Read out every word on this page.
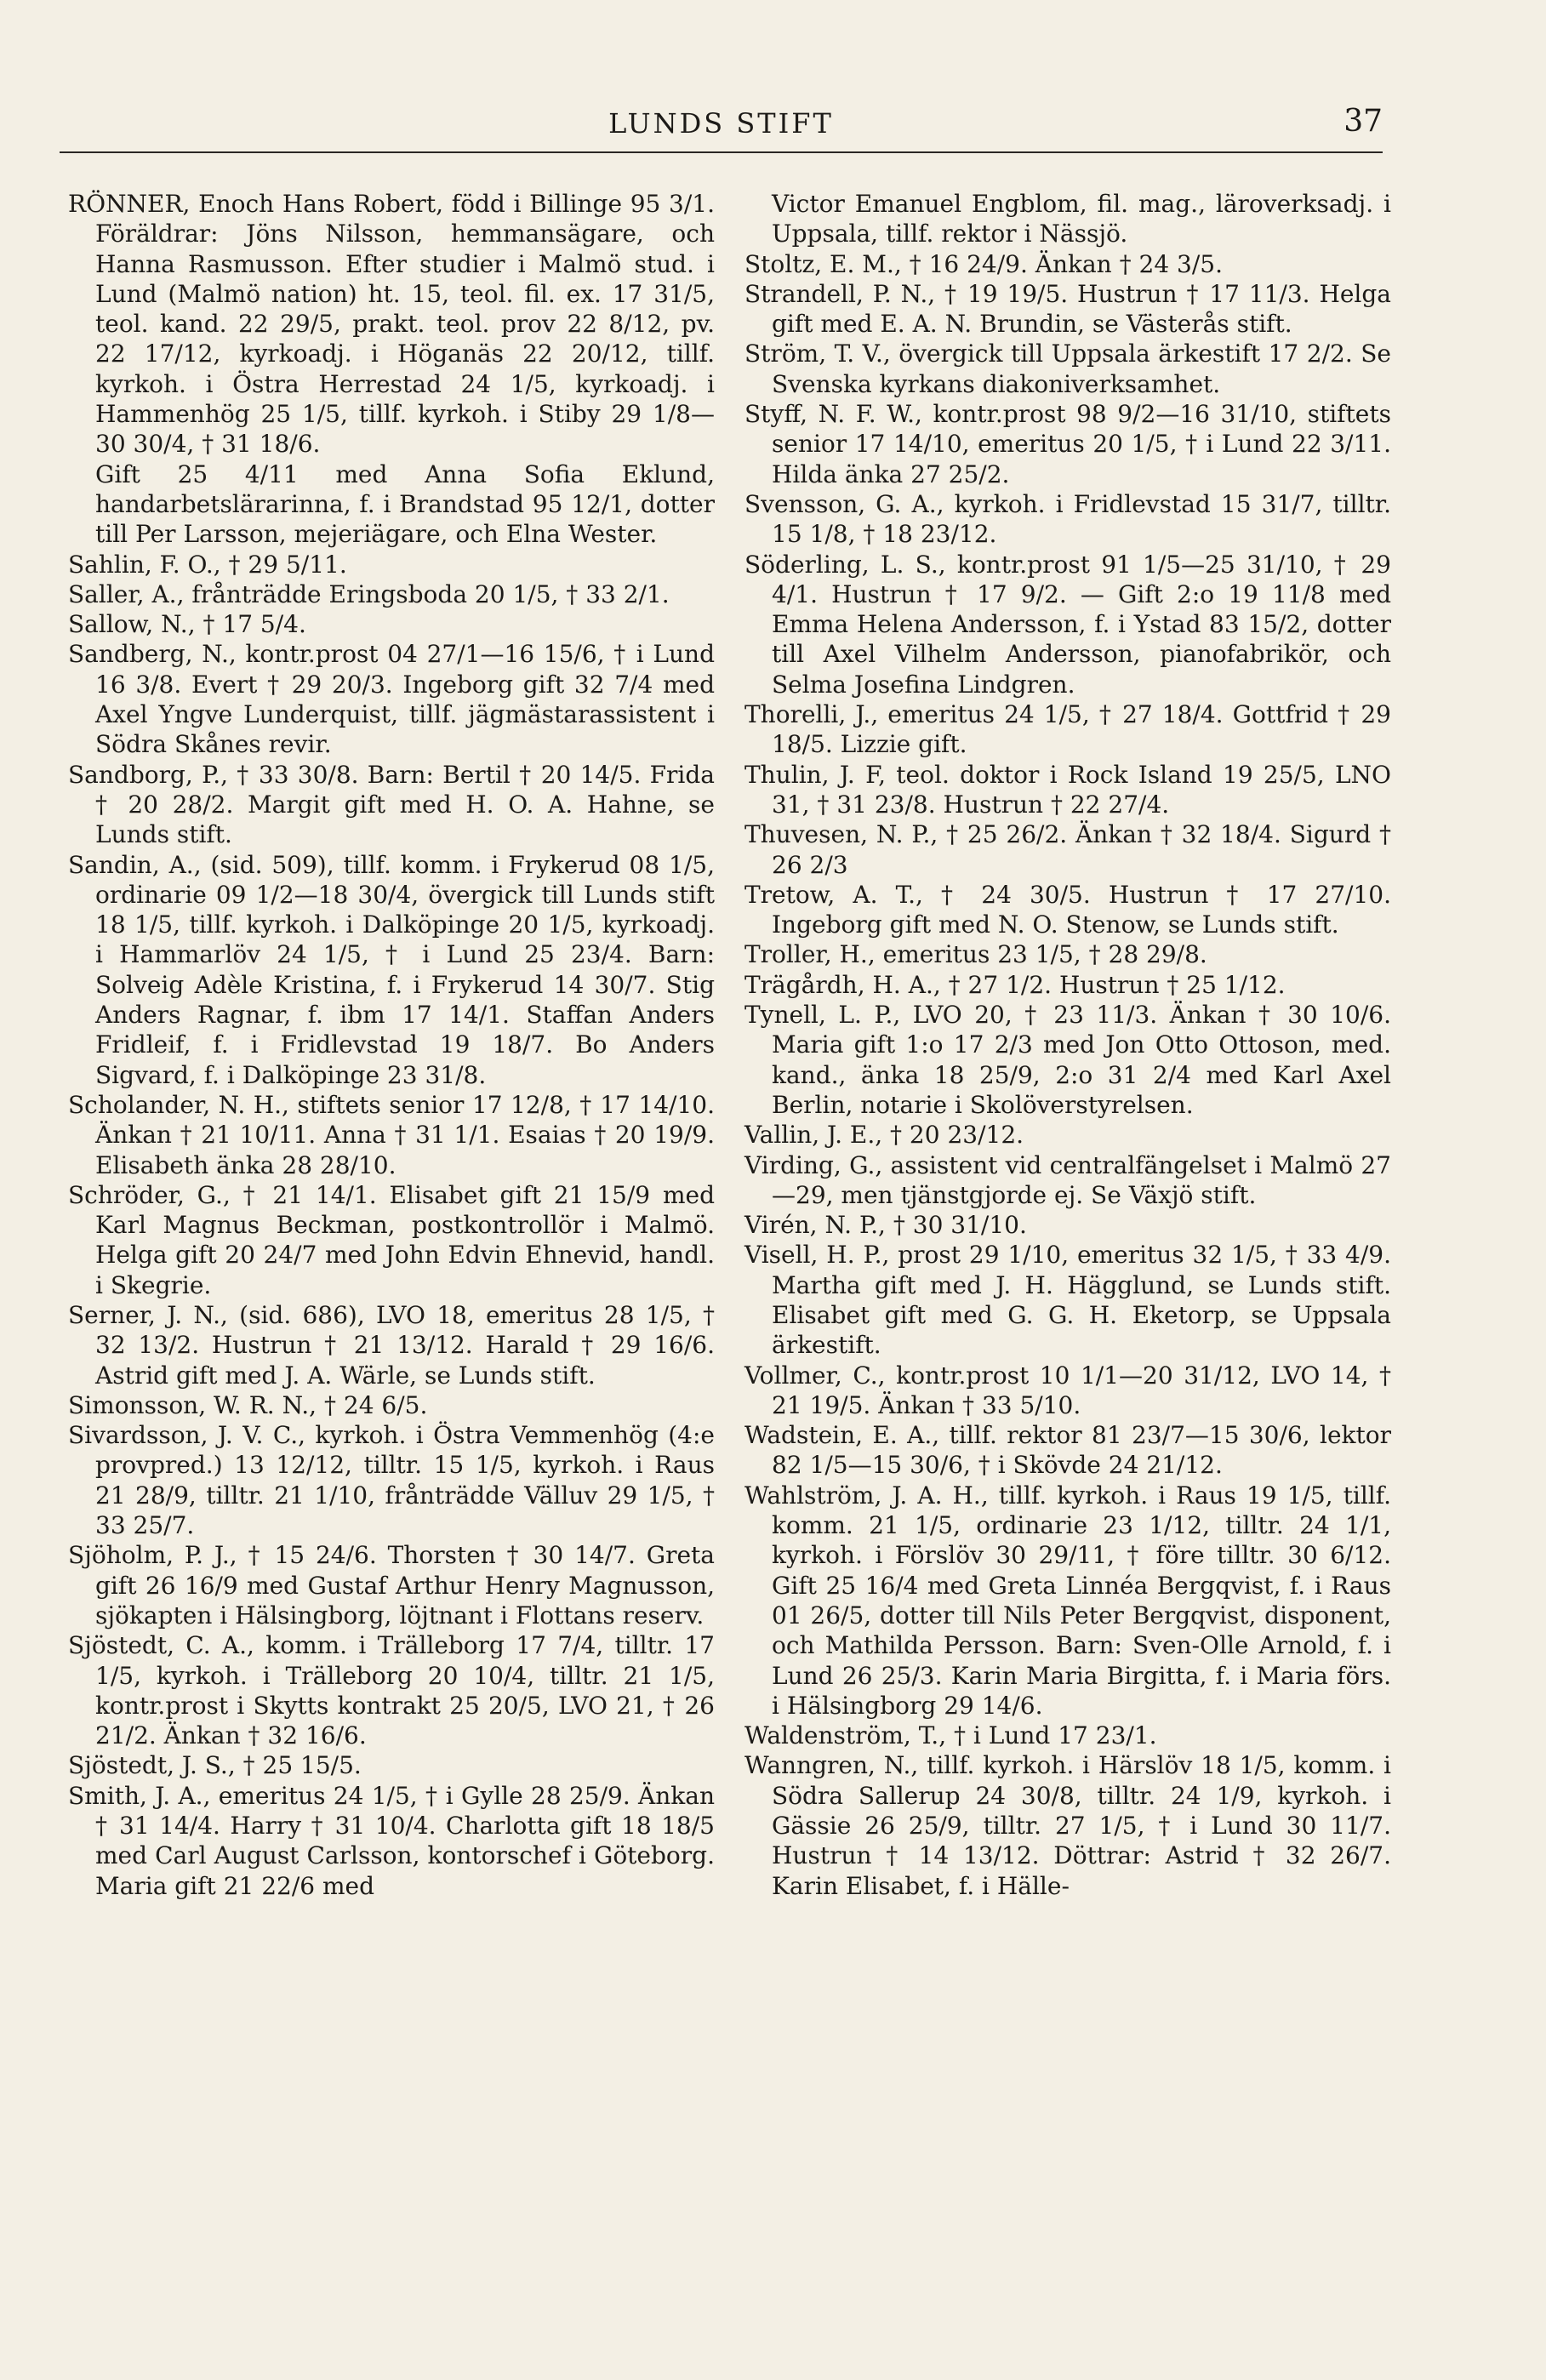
LUNDS STIFT	37

RÖNNER, Enoch Hans Robert, född i Billinge 95 3/1. Föräldrar: Jöns Nilsson, hemmansägare, och Hanna Rasmusson. Efter studier i Malmö stud. i Lund (Malmö nation) ht. 15, teol. fil. ex. 17 31/5, teol. kand. 22 29/5, prakt. teol. prov 22 8/12, pv. 22 17/12, kyrkoadj. i Höganäs 22 20/12, tillf. kyrkoh. i Östra Herrestad 24 1/5, kyrkoadj. i Hammenhög 25 1/5, tillf. kyrkoh. i Stiby 29 1/8—30 30/4, † 31 18/6.

Gift 25 4/11 med Anna Sofia Eklund, handarbetslärarinna, f. i Brandstad 95 12/1, dotter till Per Larsson, mejeriägare, och Elna Wester.

Sahlin, F. O., † 29 5/11.

Saller, A., frånträdde Eringsboda 20 1/5, † 33 2/1.

Sallow, N., † 17 5/4.

Sandberg, N., kontr.prost 04 27/1—16 15/6, † i Lund 16 3/8. Evert † 29 20/3. Ingeborg gift 32 7/4 med Axel Yngve Lunderquist, tillf. jägmästarassistent i Södra Skånes revir.

Sandborg, P., † 33 30/8. Barn: Bertil † 20 14/5. Frida † 20 28/2. Margit gift med H. O. A. Hahne, se Lunds stift.

Sandin, A., (sid. 509), tillf. komm. i Frykerud 08 1/5, ordinarie 09 1/2—18 30/4, övergick till Lunds stift 18 1/5, tillf. kyrkoh. i Dalköpinge 20 1/5, kyrkoadj. i Hammarlöv 24 1/5, † i Lund 25 23/4. Barn: Solveig Adèle Kristina, f. i Frykerud 14 30/7. Stig Anders Ragnar, f. ibm 17 14/1. Staffan Anders Fridleif, f. i Fridlevstad 19 18/7. Bo Anders Sigvard, f. i Dalköpinge 23 31/8.

Scholander, N. H., stiftets senior 17 12/8, † 17 14/10. Änkan † 21 10/11. Anna † 31 1/1. Esaias † 20 19/9. Elisabeth änka 28 28/10.

Schröder, G., † 21 14/1. Elisabet gift 21 15/9 med Karl Magnus Beckman, postkontrollör i Malmö. Helga gift 20 24/7 med John Edvin Ehnevid, handl. i Skegrie.

Serner, J. N., (sid. 686), LVO 18, emeritus 28 1/5, † 32 13/2. Hustrun † 21 13/12. Harald † 29 16/6. Astrid gift med J. A. Wärle, se Lunds stift.

Simonsson, W. R. N., † 24 6/5.

Sivardsson, J. V. C., kyrkoh. i Östra Vemmenhög (4:e provpred.) 13 12/12, tilltr. 15 1/5, kyrkoh. i Raus 21 28/9, tilltr. 21 1/10, frånträdde Välluv 29 1/5, † 33 25/7.

Sjöholm, P. J., † 15 24/6. Thorsten † 30 14/7. Greta gift 26 16/9 med Gustaf Arthur Henry Magnusson, sjökapten i Hälsingborg, löjtnant i Flottans reserv.

Sjöstedt, C. A., komm. i Trälleborg 17 7/4, tilltr. 17 1/5, kyrkoh. i Trälleborg 20 10/4, tilltr. 21 1/5, kontr.prost i Skytts kontrakt 25 20/5, LVO 21, † 26 21/2. Änkan † 32 16/6.

Sjöstedt, J. S., † 25 15/5.

Smith, J. A., emeritus 24 1/5, † i Gylle 28 25/9. Änkan † 31 14/4. Harry † 31 10/4. Charlotta gift 18 18/5 med Carl August Carlsson, kontorschef i Göteborg. Maria gift 21 22/6 med

Victor Emanuel Engblom, fil. mag., läroverksadj. i Uppsala, tillf. rektor i Nässjö.

Stoltz, E. M., † 16 24/9. Änkan † 24 3/5.

Strandell, P. N., † 19 19/5. Hustrun † 17 11/3. Helga gift med E. A. N. Brundin, se Västerås stift.

Ström, T. V., övergick till Uppsala ärkestift 17 2/2. Se Svenska kyrkans diakoniverksamhet.

Styff, N. F. W., kontr.prost 98 9/2—16 31/10, stiftets senior 17 14/10, emeritus 20 1/5, † i Lund 22 3/11. Hilda änka 27 25/2.

Svensson, G. A., kyrkoh. i Fridlevstad 15 31/7, tilltr. 15 1/8, † 18 23/12.

Söderling, L. S., kontr.prost 91 1/5—25 31/10, † 29 4/1. Hustrun † 17 9/2. — Gift 2:o 19 11/8 med Emma Helena Andersson, f. i Ystad 83 15/2, dotter till Axel Vilhelm Andersson, pianofabrikör, och Selma Josefina Lindgren.

Thorelli, J., emeritus 24 1/5, † 27 18/4. Gottfrid † 29 18/5. Lizzie gift.

Thulin, J. F, teol. doktor i Rock Island 19 25/5, LNO 31, † 31 23/8. Hustrun † 22 27/4.

Thuvesen, N. P., † 25 26/2. Änkan † 32 18/4. Sigurd † 26 2/3

Tretow, A. T., † 24 30/5. Hustrun † 17 27/10. Ingeborg gift med N. O. Stenow, se Lunds stift.

Troller, H., emeritus 23 1/5, † 28 29/8.

Trägårdh, H. A., † 27 1/2. Hustrun † 25 1/12.

Tynell, L. P., LVO 20, † 23 11/3. Änkan † 30 10/6. Maria gift 1:o 17 2/3 med Jon Otto Ottoson, med. kand., änka 18 25/9, 2:o 31 2/4 med Karl Axel Berlin, notarie i Skolöverstyrelsen.

Vallin, J. E., † 20 23/12.

Virding, G., assistent vid centralfängelset i Malmö 27—29, men tjänstgjorde ej. Se Växjö stift.

Virén, N. P., † 30 31/10.

Visell, H. P., prost 29 1/10, emeritus 32 1/5, † 33 4/9. Martha gift med J. H. Hägglund, se Lunds stift. Elisabet gift med G. G. H. Eketorp, se Uppsala ärkestift.

Vollmer, C., kontr.prost 10 1/1—20 31/12, LVO 14, † 21 19/5. Änkan † 33 5/10.

Wadstein, E. A., tillf. rektor 81 23/7—15 30/6, lektor 82 1/5—15 30/6, † i Skövde 24 21/12.

Wahlström, J. A. H., tillf. kyrkoh. i Raus 19 1/5, tillf. komm. 21 1/5, ordinarie 23 1/12, tilltr. 24 1/1, kyrkoh. i Förslöv 30 29/11, † före tilltr. 30 6/12. Gift 25 16/4 med Greta Linnéa Bergqvist, f. i Raus 01 26/5, dotter till Nils Peter Bergqvist, disponent, och Mathilda Persson. Barn: Sven-Olle Arnold, f. i Lund 26 25/3. Karin Maria Birgitta, f. i Maria förs. i Hälsingborg 29 14/6.

Waldenström, T., † i Lund 17 23/1.

Wanngren, N., tillf. kyrkoh. i Härslöv 18 1/5, komm. i Södra Sallerup 24 30/8, tilltr. 24 1/9, kyrkoh. i Gässie 26 25/9, tilltr. 27 1/5, † i Lund 30 11/7. Hustrun † 14 13/12. Döttrar: Astrid † 32 26/7. Karin Elisabet, f. i Hälle-
